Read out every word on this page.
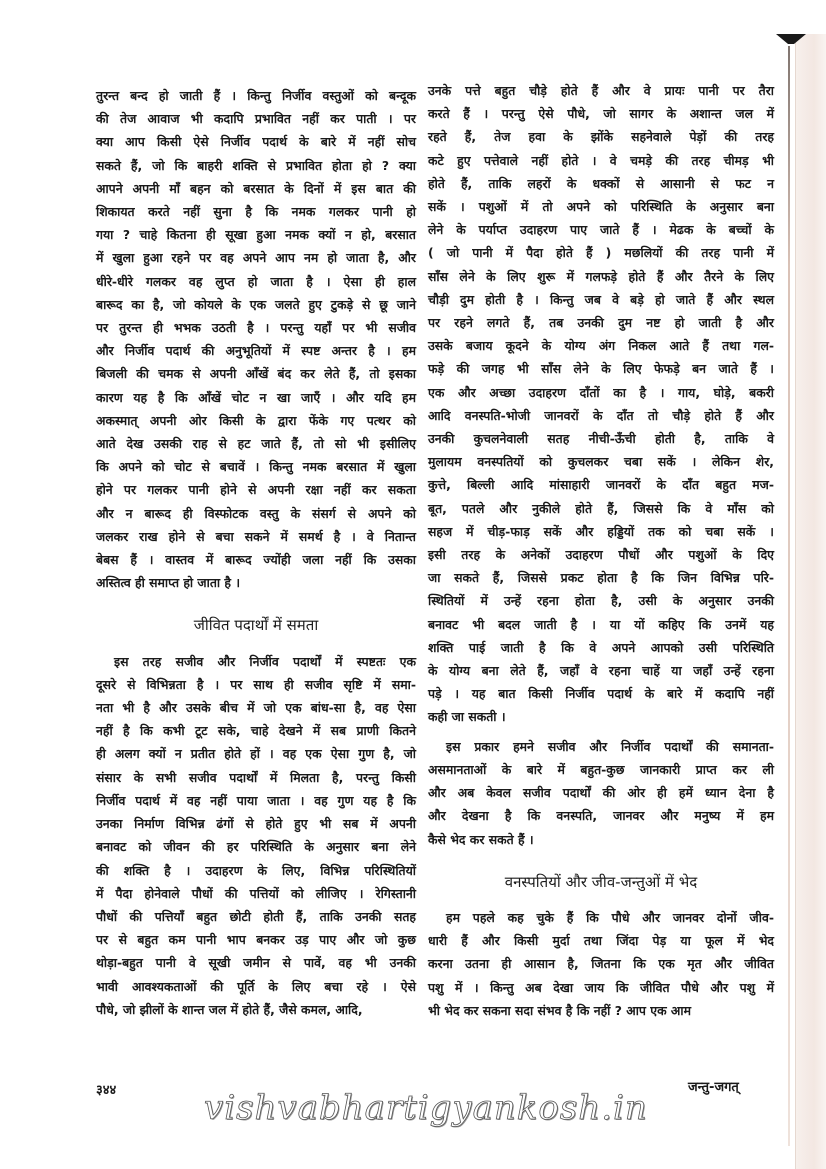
तुरन्त बन्द हो जाती हैं । किन्तु निर्जीव वस्तुओं को बन्दूक
की तेज आवाज भी कदापि प्रभावित नहीं कर पाती । पर
क्या आप किसी ऐसे निर्जीव पदार्थ के बारे में नहीं सोच
सकते हैं, जो कि बाहरी शक्ति से प्रभावित होता हो ? क्या
आपने अपनी माँ बहन को बरसात के दिनों में इस बात की
शिकायत करते नहीं सुना है कि नमक गलकर पानी हो
गया ? चाहे कितना ही सूखा हुआ नमक क्यों न हो, बरसात
में खुला हुआ रहने पर वह अपने आप नम हो जाता है, और
धीरे-धीरे गलकर वह लुप्त हो जाता है । ऐसा ही हाल
बारूद का है, जो कोयले के एक जलते हुए टुकड़े से छू जाने
पर तुरन्त ही भभक उठती है । परन्तु यहाँ पर भी सजीव
और निर्जीव पदार्थ की अनुभूतियों में स्पष्ट अन्तर है । हम
बिजली की चमक से अपनी आँखें बंद कर लेते हैं, तो इसका
कारण यह है कि आँखें चोट न खा जाएँ । और यदि हम
अकस्मात् अपनी ओर किसी के द्वारा फेंके गए पत्थर को
आते देख उसकी राह से हट जाते हैं, तो सो भी इसीलिए
कि अपने को चोट से बचावें । किन्तु नमक बरसात में खुला
होने पर गलकर पानी होने से अपनी रक्षा नहीं कर सकता
और न बारूद ही विस्फोटक वस्तु के संसर्ग से अपने को
जलकर राख होने से बचा सकने में समर्थ है । वे नितान्त
बेबस हैं । वास्तव में बारूद ज्योंही जला नहीं कि उसका
अस्तित्व ही समाप्त हो जाता है ।

जीवित पदार्थों में समता

इस तरह सजीव और निर्जीव पदार्थों में स्पष्टतः एक
दूसरे से विभिन्नता है । पर साथ ही सजीव सृष्टि में समा-
नता भी है और उसके बीच में जो एक बांध-सा है, वह ऐसा
नहीं है कि कभी टूट सके, चाहे देखने में सब प्राणी कितने
ही अलग क्यों न प्रतीत होते हों । वह एक ऐसा गुण है, जो
संसार के सभी सजीव पदार्थों में मिलता है, परन्तु किसी
निर्जीव पदार्थ में वह नहीं पाया जाता । वह गुण यह है कि
उनका निर्माण विभिन्न ढंगों से होते हुए भी सब में अपनी
बनावट को जीवन की हर परिस्थिति के अनुसार बना लेने
की शक्ति है । उदाहरण के लिए, विभिन्न परिस्थितियों
में पैदा होनेवाले पौधों की पत्तियों को लीजिए । रेगिस्तानी
पौधों की पत्तियाँ बहुत छोटी होती हैं, ताकि उनकी सतह
पर से बहुत कम पानी भाप बनकर उड़ पाए और जो कुछ
थोड़ा-बहुत पानी वे सूखी जमीन से पावें, वह भी उनकी
भावी आवश्यकताओं की पूर्ति के लिए बचा रहे । ऐसे
पौधे, जो झीलों के शान्त जल में होते हैं, जैसे कमल, आदि,

उनके पत्ते बहुत चौड़े होते हैं और वे प्रायः पानी पर तैरा
करते हैं । परन्तु ऐसे पौधे, जो सागर के अशान्त जल में
रहते हैं, तेज हवा के झोंके सहनेवाले पेड़ों की तरह
कटे हुए पत्तेवाले नहीं होते । वे चमड़े की तरह चीमड़ भी
होते हैं, ताकि लहरों के धक्कों से आसानी से फट न
सकें । पशुओं में तो अपने को परिस्थिति के अनुसार बना
लेने के पर्याप्त उदाहरण पाए जाते हैं । मेढक के बच्चों के
( जो पानी में पैदा होते हैं ) मछलियों की तरह पानी में
साँस लेने के लिए शुरू में गलफड़े होते हैं और तैरने के लिए
चौड़ी दुम होती है । किन्तु जब वे बड़े हो जाते हैं और स्थल
पर रहने लगते हैं, तब उनकी दुम नष्ट हो जाती है और
उसके बजाय कूदने के योग्य अंग निकल आते हैं तथा गल-
फड़े की जगह भी साँस लेने के लिए फेफड़े बन जाते हैं ।
एक और अच्छा उदाहरण दाँतों का है । गाय, घोड़े, बकरी
आदि वनस्पति-भोजी जानवरों के दाँत तो चौड़े होते हैं और
उनकी कुचलनेवाली सतह नीची-ऊँची होती है, ताकि वे
मुलायम वनस्पतियों को कुचलकर चबा सकें । लेकिन शेर,
कुत्ते, बिल्ली आदि मांसाहारी जानवरों के दाँत बहुत मज-
बूत, पतले और नुकीले होते हैं, जिससे कि वे माँस को
सहज में चीड़-फाड़ सकें और हड्डियों तक को चबा सकें ।
इसी तरह के अनेकों उदाहरण पौधों और पशुओं के दिए
जा सकते हैं, जिससे प्रकट होता है कि जिन विभिन्न परि-
स्थितियों में उन्हें रहना होता है, उसी के अनुसार उनकी
बनावट भी बदल जाती है । या यों कहिए कि उनमें यह
शक्ति पाई जाती है कि वे अपने आपको उसी परिस्थिति
के योग्य बना लेते हैं, जहाँ वे रहना चाहें या जहाँ उन्हें रहना
पड़े । यह बात किसी निर्जीव पदार्थ के बारे में कदापि नहीं
कही जा सकती ।

इस प्रकार हमने सजीव और निर्जीव पदार्थों की समानता-
असमानताओं के बारे में बहुत-कुछ जानकारी प्राप्त कर ली
और अब केवल सजीव पदार्थों की ओर ही हमें ध्यान देना है
और देखना है कि वनस्पति, जानवर और मनुष्य में हम
कैसे भेद कर सकते हैं ।

वनस्पतियों और जीव-जन्तुओं में भेद

हम पहले कह चुके हैं कि पौधे और जानवर दोनों जीव-
धारी हैं और किसी मुर्दा तथा जिंदा पेड़ या फूल में भेद
करना उतना ही आसान है, जितना कि एक मृत और जीवित
पशु में । किन्तु अब देखा जाय कि जीवित पौधे और पशु में
भी भेद कर सकना सदा संभव है कि नहीं ? आप एक आम

३४४	जन्तु-जगत्
vishvabhartigyankosh.in
